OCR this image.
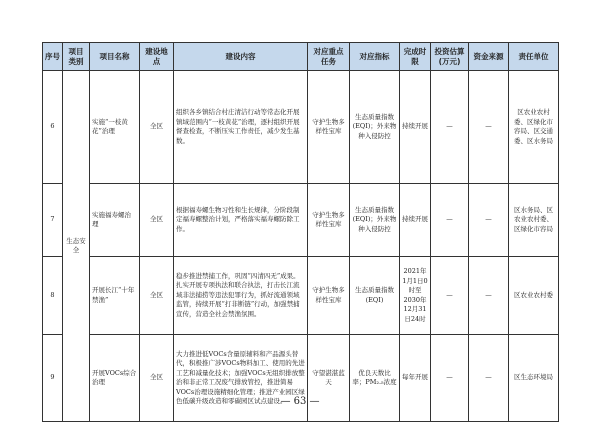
序号	项目类别	项目名称	建设地点	建设内容	对应重点任务	对应指标	完成时限	投资估算(万元)	资金来源	责任单位
6	生态安全	实施“一枝黄花”治理	全区	组织各乡镇结合村庄清洁行动等常态化开展镇域范围内“一枝黄花”治理，逐村组织开展督查检查，不断压实工作责任，减少发生基数。	守护生物多样性宝库	生态质量指数(EQI)；外来物种入侵防控	持续开展	—	—	区农业农村委、区绿化市容局、区交通委、区水务局
7		实施福寿螺治理	全区	根据福寿螺生物习性和生长规律，分阶段制定福寿螺整治计划，严格落实福寿螺防除工作。	守护生物多样性宝库	生态质量指数(EQI)；外来物种入侵防控	持续开展	—	—	区水务局、区农业农村委、区绿化市容局
8		开展长江“十年禁渔”	全区	稳步推进禁捕工作，巩固“四清四无”成果。扎实开展专项执法和联合执法，打击长江流域非法捕捞等违法犯罪行为，抓好流通领域监管，持续开展“打非断链”行动，加强禁捕宣传，营造全社会禁渔氛围。	守护生物多样性宝库	生态质量指数(EQI)	2021年1月1日0时至2030年12月31日24时	—	—	区农业农村委
9		开展VOCs综合治理	全区	大力推进低VOCs含量原辅料和产品源头替代，积极推广涉VOCs物料加工、使用的先进工艺和减量化技术；加强VOCs无组织排放整治和非正常工况废气排放管控，推进简易VOCs治理设施精细化管理；推进产业园区绿色低碳升级改造和零碳园区试点建设。	守望湛湛蓝天	优良天数比率；PM₂.₅浓度	每年开展	—	—	区生态环境局
— 63 —
